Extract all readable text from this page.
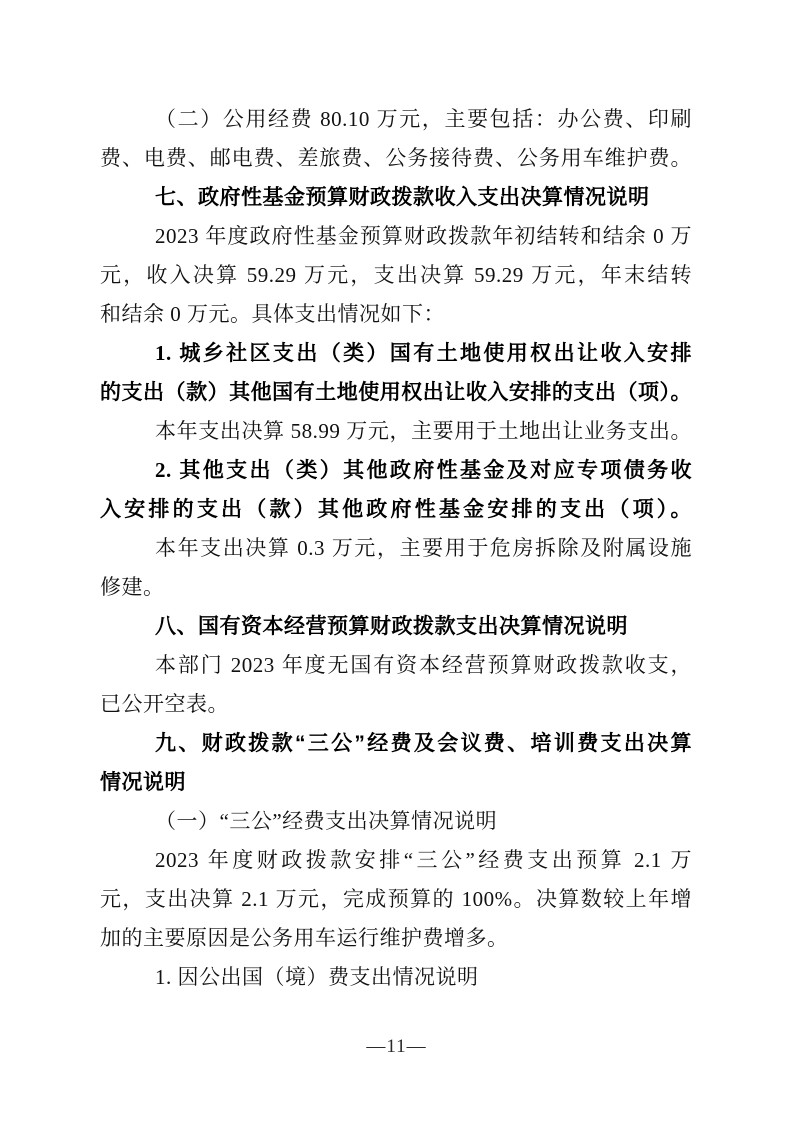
（二）公用经费 80.10 万元，主要包括：办公费、印刷
费、电费、邮电费、差旅费、公务接待费、公务用车维护费。
七、政府性基金预算财政拨款收入支出决算情况说明
2023 年度政府性基金预算财政拨款年初结转和结余 0 万
元，收入决算 59.29 万元，支出决算 59.29 万元，年末结转
和结余 0 万元。具体支出情况如下：
1. 城乡社区支出（类）国有土地使用权出让收入安排
的支出（款）其他国有土地使用权出让收入安排的支出（项）。
本年支出决算 58.99 万元，主要用于土地出让业务支出。
2. 其他支出（类）其他政府性基金及对应专项债务收
入安排的支出（款）其他政府性基金安排的支出（项）。
本年支出决算 0.3 万元，主要用于危房拆除及附属设施
修建。
八、国有资本经营预算财政拨款支出决算情况说明
本部门 2023 年度无国有资本经营预算财政拨款收支，
已公开空表。
九、财政拨款“三公”经费及会议费、培训费支出决算
情况说明
（一）“三公”经费支出决算情况说明
2023 年度财政拨款安排“三公”经费支出预算 2.1 万
元，支出决算 2.1 万元，完成预算的 100%。决算数较上年增
加的主要原因是公务用车运行维护费增多。
1. 因公出国（境）费支出情况说明
—11—
